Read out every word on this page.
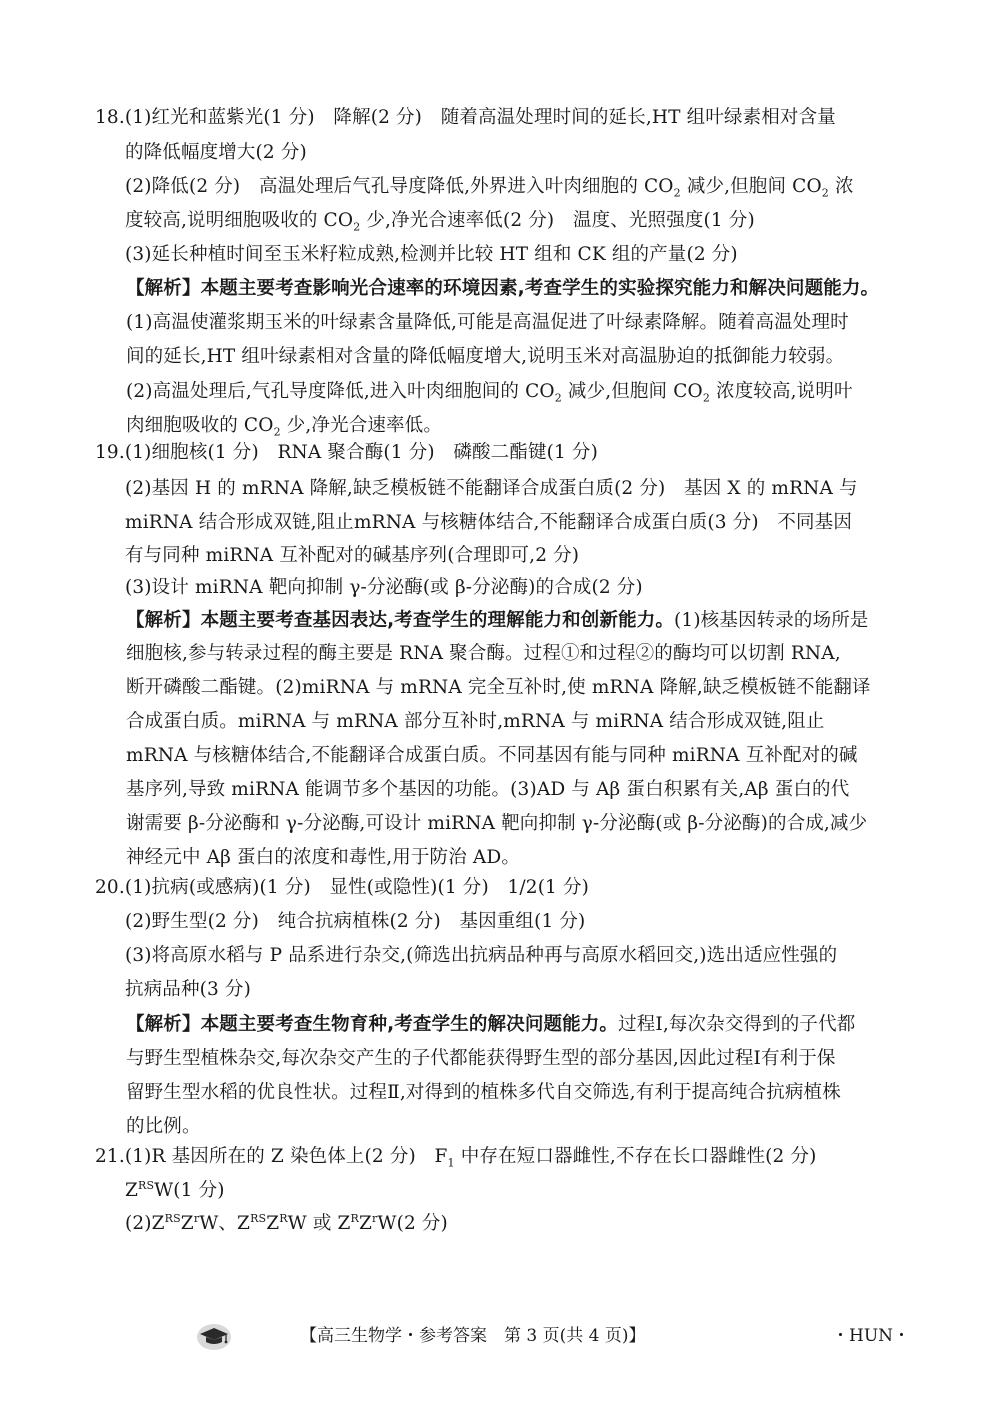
18.(1)红光和蓝紫光(1 分)　降解(2 分)　随着高温处理时间的延长,HT 组叶绿素相对含量
的降低幅度增大(2 分)
(2)降低(2 分)　高温处理后气孔导度降低,外界进入叶肉细胞的 $CO_2$ 减少,但胞间 $CO_2$ 浓
度较高,说明细胞吸收的 $CO_2$ 少,净光合速率低(2 分)　温度、光照强度(1 分)
(3)延长种植时间至玉米籽粒成熟,检测并比较 HT 组和 CK 组的产量(2 分)
【解析】本题主要考查影响光合速率的环境因素,考查学生的实验探究能力和解决问题能力。
(1)高温使灌浆期玉米的叶绿素含量降低,可能是高温促进了叶绿素降解。随着高温处理时
间的延长,HT 组叶绿素相对含量的降低幅度增大,说明玉米对高温胁迫的抵御能力较弱。
(2)高温处理后,气孔导度降低,进入叶肉细胞间的 $CO_2$ 减少,但胞间 $CO_2$ 浓度较高,说明叶
肉细胞吸收的 $CO_2$ 少,净光合速率低。
19.(1)细胞核(1 分)　RNA 聚合酶(1 分)　磷酸二酯键(1 分)
(2)基因 H 的 mRNA 降解,缺乏模板链不能翻译合成蛋白质(2 分)　基因 X 的 mRNA 与
miRNA 结合形成双链,阻止mRNA 与核糖体结合,不能翻译合成蛋白质(3 分)　不同基因
有与同种 miRNA 互补配对的碱基序列(合理即可,2 分)
(3)设计 miRNA 靶向抑制 γ-分泌酶(或 β-分泌酶)的合成(2 分)
【解析】本题主要考查基因表达,考查学生的理解能力和创新能力。(1)核基因转录的场所是
细胞核,参与转录过程的酶主要是 RNA 聚合酶。过程①和过程②的酶均可以切割 RNA,
断开磷酸二酯键。(2)miRNA 与 mRNA 完全互补时,使 mRNA 降解,缺乏模板链不能翻译
合成蛋白质。miRNA 与 mRNA 部分互补时,mRNA 与 miRNA 结合形成双链,阻止
mRNA 与核糖体结合,不能翻译合成蛋白质。不同基因有能与同种 miRNA 互补配对的碱
基序列,导致 miRNA 能调节多个基因的功能。(3)AD 与 Aβ 蛋白积累有关,Aβ 蛋白的代
谢需要 β-分泌酶和 γ-分泌酶,可设计 miRNA 靶向抑制 γ-分泌酶(或 β-分泌酶)的合成,减少
神经元中 Aβ 蛋白的浓度和毒性,用于防治 AD。
20.(1)抗病(或感病)(1 分)　显性(或隐性)(1 分)　1/2(1 分)
(2)野生型(2 分)　纯合抗病植株(2 分)　基因重组(1 分)
(3)将高原水稻与 P 品系进行杂交,(筛选出抗病品种再与高原水稻回交,)选出适应性强的
抗病品种(3 分)
【解析】本题主要考查生物育种,考查学生的解决问题能力。过程Ⅰ,每次杂交得到的子代都
与野生型植株杂交,每次杂交产生的子代都能获得野生型的部分基因,因此过程Ⅰ有利于保
留野生型水稻的优良性状。过程Ⅱ,对得到的植株多代自交筛选,有利于提高纯合抗病植株
的比例。
21.(1)R 基因所在的 Z 染色体上(2 分)　$F_1$ 中存在短口器雌性,不存在长口器雌性(2 分)
$Z^{RS}W(1$ 分)
$(2)Z^{RS}Z^rW$、$Z^{RS}Z^RW$ 或 $Z^RZ^rW(2$ 分)
【高三生物学・参考答案　第 3 页(共 4 页)】	・HUN・
